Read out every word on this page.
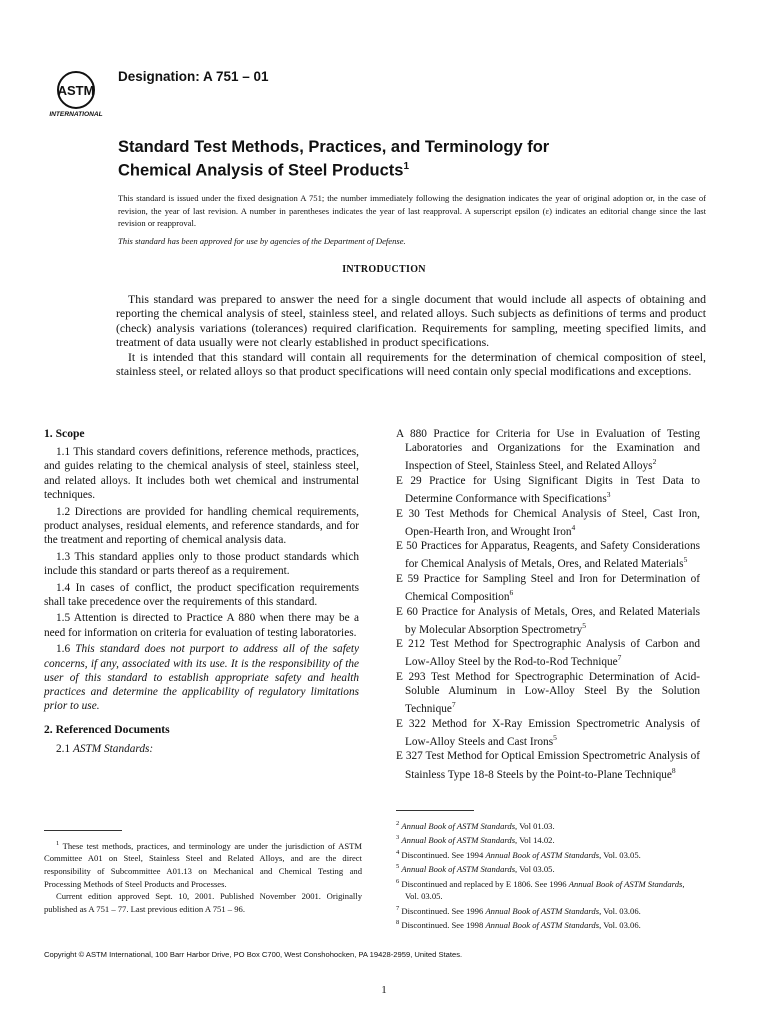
ASTM
INTERNATIONAL
Designation: A 751 – 01
Standard Test Methods, Practices, and Terminology for
Chemical Analysis of Steel Products$^1$
This standard is issued under the fixed designation A 751; the number immediately following the designation indicates the year of original adoption or, in the case of revision, the year of last revision. A number in parentheses indicates the year of last reapproval. A superscript epsilon (ε) indicates an editorial change since the last revision or reapproval.
This standard has been approved for use by agencies of the Department of Defense.
INTRODUCTION

This standard was prepared to answer the need for a single document that would include all aspects of obtaining and reporting the chemical analysis of steel, stainless steel, and related alloys. Such subjects as definitions of terms and product (check) analysis variations (tolerances) required clarification. Requirements for sampling, meeting specified limits, and treatment of data usually were not clearly established in product specifications.

It is intended that this standard will contain all requirements for the determination of chemical composition of steel, stainless steel, or related alloys so that product specifications will need contain only special modifications and exceptions.

1. Scope

1.1 This standard covers definitions, reference methods, practices, and guides relating to the chemical analysis of steel, stainless steel, and related alloys. It includes both wet chemical and instrumental techniques.

1.2 Directions are provided for handling chemical requirements, product analyses, residual elements, and reference standards, and for the treatment and reporting of chemical analysis data.

1.3 This standard applies only to those product standards which include this standard or parts thereof as a requirement.

1.4 In cases of conflict, the product specification requirements shall take precedence over the requirements of this standard.

1.5 Attention is directed to Practice A 880 when there may be a need for information on criteria for evaluation of testing laboratories.

1.6 This standard does not purport to address all of the safety concerns, if any, associated with its use. It is the responsibility of the user of this standard to establish appropriate safety and health practices and determine the applicability of regulatory limitations prior to use.

2. Referenced Documents

2.1 ASTM Standards:

A 880 Practice for Criteria for Use in Evaluation of Testing Laboratories and Organizations for the Examination and Inspection of Steel, Stainless Steel, and Related Alloys$^2$
E 29 Practice for Using Significant Digits in Test Data to Determine Conformance with Specifications$^3$
E 30 Test Methods for Chemical Analysis of Steel, Cast Iron, Open-Hearth Iron, and Wrought Iron$^4$
E 50 Practices for Apparatus, Reagents, and Safety Considerations for Chemical Analysis of Metals, Ores, and Related Materials$^5$
E 59 Practice for Sampling Steel and Iron for Determination of Chemical Composition$^6$
E 60 Practice for Analysis of Metals, Ores, and Related Materials by Molecular Absorption Spectrometry$^5$
E 212 Test Method for Spectrographic Analysis of Carbon and Low-Alloy Steel by the Rod-to-Rod Technique$^7$
E 293 Test Method for Spectrographic Determination of Acid-Soluble Aluminum in Low-Alloy Steel By the Solution Technique$^7$
E 322 Method for X-Ray Emission Spectrometric Analysis of Low-Alloy Steels and Cast Irons$^5$
E 327 Test Method for Optical Emission Spectrometric Analysis of Stainless Type 18-8 Steels by the Point-to-Plane Technique$^8$

$^1$ These test methods, practices, and terminology are under the jurisdiction of ASTM Committee A01 on Steel, Stainless Steel and Related Alloys, and are the direct responsibility of Subcommittee A01.13 on Mechanical and Chemical Testing and Processing Methods of Steel Products and Processes.

Current edition approved Sept. 10, 2001. Published November 2001. Originally published as A 751 – 77. Last previous edition A 751 – 96.

$^2$ Annual Book of ASTM Standards, Vol 01.03.

$^3$ Annual Book of ASTM Standards, Vol 14.02.

$^4$ Discontinued. See 1994 Annual Book of ASTM Standards, Vol. 03.05.

$^5$ Annual Book of ASTM Standards, Vol 03.05.

$^6$ Discontinued and replaced by E 1806. See 1996 Annual Book of ASTM Standards, Vol. 03.05.

$^7$ Discontinued. See 1996 Annual Book of ASTM Standards, Vol. 03.06.

$^8$ Discontinued. See 1998 Annual Book of ASTM Standards, Vol. 03.06.

Copyright © ASTM International, 100 Barr Harbor Drive, PO Box C700, West Conshohocken, PA 19428-2959, United States.
1
